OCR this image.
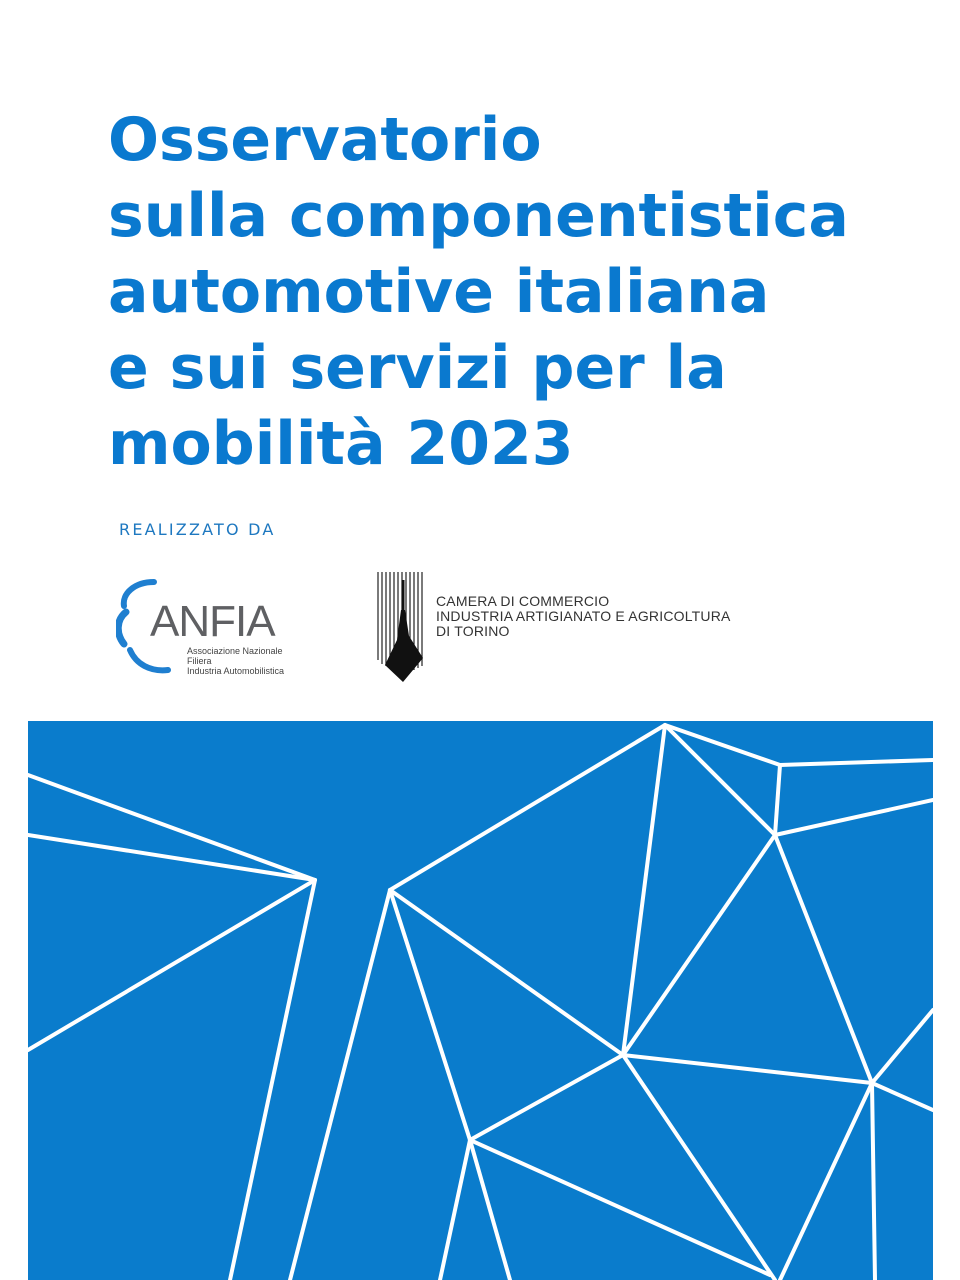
Osservatorio
sulla componentistica
automotive italiana
e sui servizi per la
mobilità 2023
REALIZZATO DA
ANFIA
Associazione Nazionale
Filiera
Industria Automobilistica
CAMERA DI COMMERCIO
INDUSTRIA ARTIGIANATO E AGRICOLTURA
DI TORINO
